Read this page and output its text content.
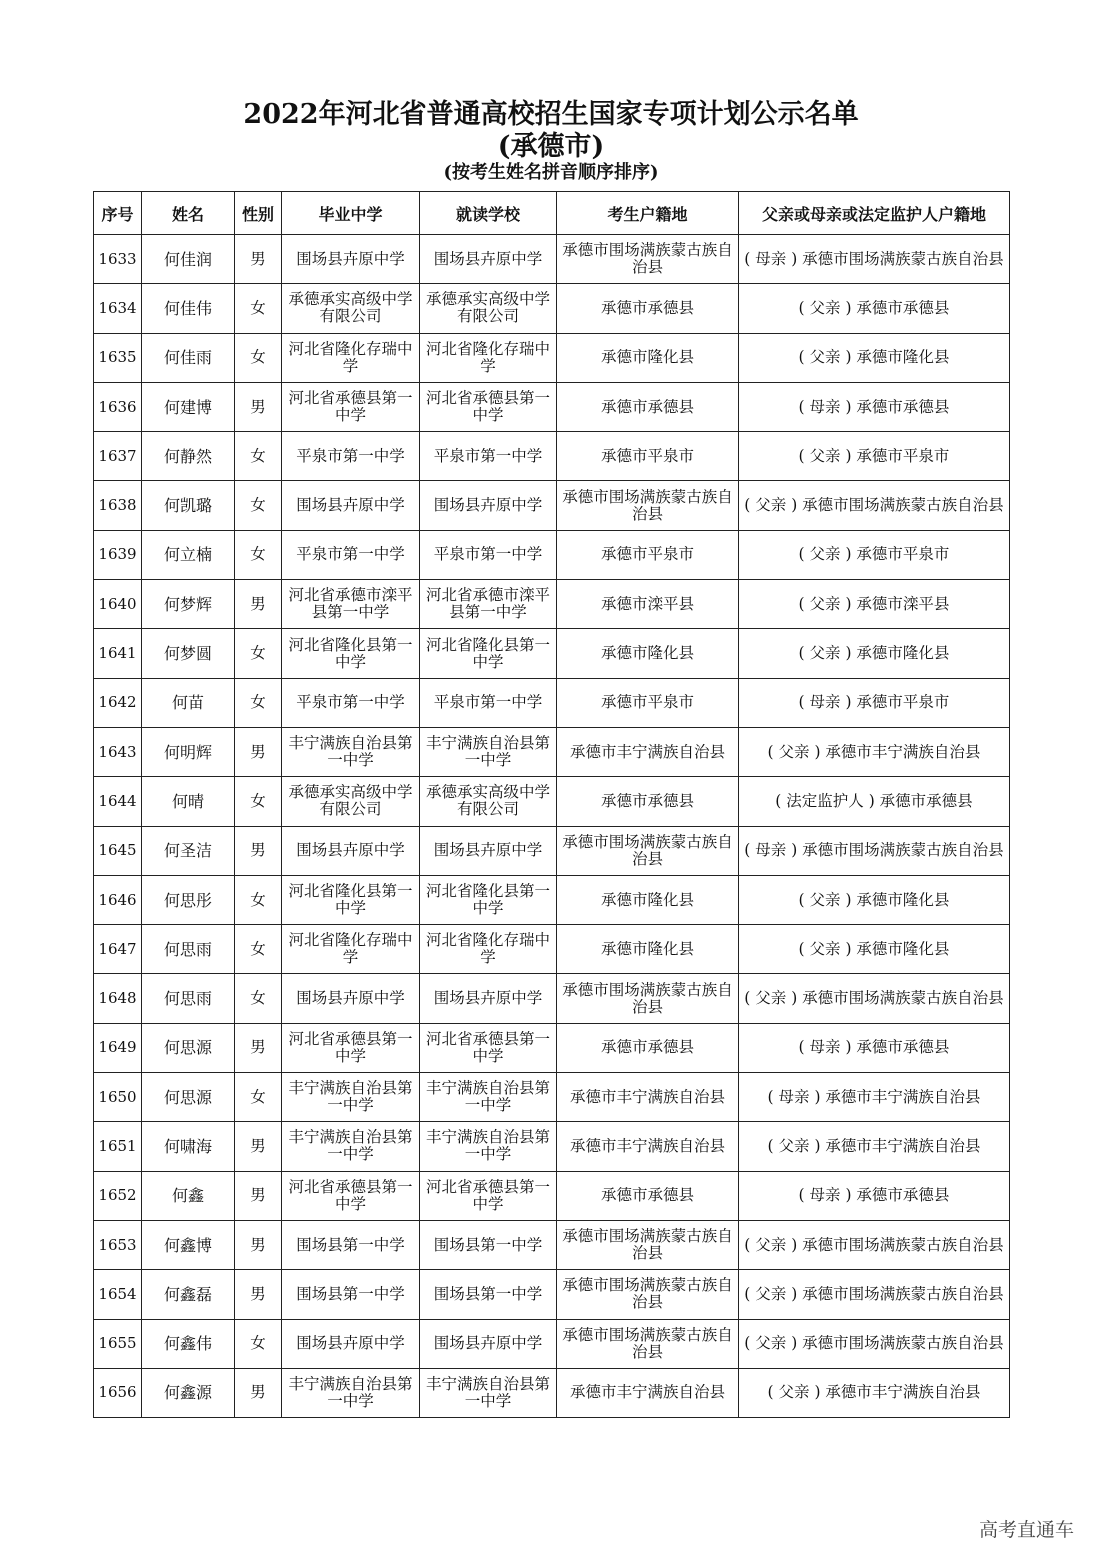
2022年河北省普通高校招生国家专项计划公示名单
(承德市)
(按考生姓名拼音顺序排序)
序号	姓名	性别	毕业中学	就读学校	考生户籍地	父亲或母亲或法定监护人户籍地
1633	何佳润	男	围场县卉原中学	围场县卉原中学	承德市围场满族蒙古族自治县	( 母亲 ) 承德市围场满族蒙古族自治县
1634	何佳伟	女	承德承实高级中学有限公司	承德承实高级中学有限公司	承德市承德县	( 父亲 ) 承德市承德县
1635	何佳雨	女	河北省隆化存瑞中学	河北省隆化存瑞中学	承德市隆化县	( 父亲 ) 承德市隆化县
1636	何建博	男	河北省承德县第一中学	河北省承德县第一中学	承德市承德县	( 母亲 ) 承德市承德县
1637	何静然	女	平泉市第一中学	平泉市第一中学	承德市平泉市	( 父亲 ) 承德市平泉市
1638	何凯璐	女	围场县卉原中学	围场县卉原中学	承德市围场满族蒙古族自治县	( 父亲 ) 承德市围场满族蒙古族自治县
1639	何立楠	女	平泉市第一中学	平泉市第一中学	承德市平泉市	( 父亲 ) 承德市平泉市
1640	何梦辉	男	河北省承德市滦平县第一中学	河北省承德市滦平县第一中学	承德市滦平县	( 父亲 ) 承德市滦平县
1641	何梦圆	女	河北省隆化县第一中学	河北省隆化县第一中学	承德市隆化县	( 父亲 ) 承德市隆化县
1642	何苗	女	平泉市第一中学	平泉市第一中学	承德市平泉市	( 母亲 ) 承德市平泉市
1643	何明辉	男	丰宁满族自治县第一中学	丰宁满族自治县第一中学	承德市丰宁满族自治县	( 父亲 ) 承德市丰宁满族自治县
1644	何晴	女	承德承实高级中学有限公司	承德承实高级中学有限公司	承德市承德县	( 法定监护人 ) 承德市承德县
1645	何圣洁	男	围场县卉原中学	围场县卉原中学	承德市围场满族蒙古族自治县	( 母亲 ) 承德市围场满族蒙古族自治县
1646	何思彤	女	河北省隆化县第一中学	河北省隆化县第一中学	承德市隆化县	( 父亲 ) 承德市隆化县
1647	何思雨	女	河北省隆化存瑞中学	河北省隆化存瑞中学	承德市隆化县	( 父亲 ) 承德市隆化县
1648	何思雨	女	围场县卉原中学	围场县卉原中学	承德市围场满族蒙古族自治县	( 父亲 ) 承德市围场满族蒙古族自治县
1649	何思源	男	河北省承德县第一中学	河北省承德县第一中学	承德市承德县	( 母亲 ) 承德市承德县
1650	何思源	女	丰宁满族自治县第一中学	丰宁满族自治县第一中学	承德市丰宁满族自治县	( 母亲 ) 承德市丰宁满族自治县
1651	何啸海	男	丰宁满族自治县第一中学	丰宁满族自治县第一中学	承德市丰宁满族自治县	( 父亲 ) 承德市丰宁满族自治县
1652	何鑫	男	河北省承德县第一中学	河北省承德县第一中学	承德市承德县	( 母亲 ) 承德市承德县
1653	何鑫博	男	围场县第一中学	围场县第一中学	承德市围场满族蒙古族自治县	( 父亲 ) 承德市围场满族蒙古族自治县
1654	何鑫磊	男	围场县第一中学	围场县第一中学	承德市围场满族蒙古族自治县	( 父亲 ) 承德市围场满族蒙古族自治县
1655	何鑫伟	女	围场县卉原中学	围场县卉原中学	承德市围场满族蒙古族自治县	( 父亲 ) 承德市围场满族蒙古族自治县
1656	何鑫源	男	丰宁满族自治县第一中学	丰宁满族自治县第一中学	承德市丰宁满族自治县	( 父亲 ) 承德市丰宁满族自治县
高考直通车
